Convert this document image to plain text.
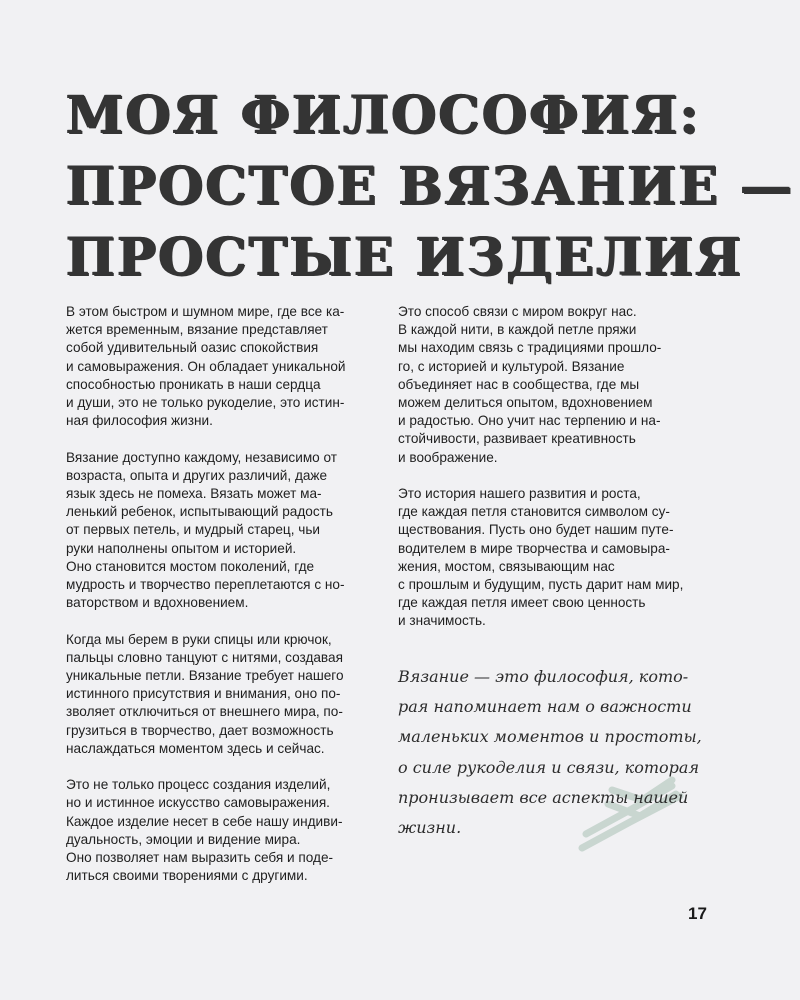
МОЯ ФИЛОСОФИЯ:
ПРОСТОЕ ВЯЗАНИЕ —
ПРОСТЫЕ ИЗДЕЛИЯ

В этом быстром и шумном мире, где все ка-
жется временным, вязание представляет
собой удивительный оазис спокойствия
и самовыражения. Он обладает уникальной
способностью проникать в наши сердца
и души, это не только рукоделие, это истин-
ная философия жизни.

Вязание доступно каждому, независимо от
возраста, опыта и других различий, даже
язык здесь не помеха. Вязать может ма-
ленький ребенок, испытывающий радость
от первых петель, и мудрый старец, чьи
руки наполнены опытом и историей.
Оно становится мостом поколений, где
мудрость и творчество переплетаются с но-
ваторством и вдохновением.

Когда мы берем в руки спицы или крючок,
пальцы словно танцуют с нитями, создавая
уникальные петли. Вязание требует нашего
истинного присутствия и внимания, оно по-
зволяет отключиться от внешнего мира, по-
грузиться в творчество, дает возможность
наслаждаться моментом здесь и сейчас.

Это не только процесс создания изделий,
но и истинное искусство самовыражения.
Каждое изделие несет в себе нашу индиви-
дуальность, эмоции и видение мира.
Оно позволяет нам выразить себя и поде-
литься своими творениями с другими.

Это способ связи с миром вокруг нас.
В каждой нити, в каждой петле пряжи
мы находим связь с традициями прошло-
го, с историей и культурой. Вязание
объединяет нас в сообщества, где мы
можем делиться опытом, вдохновением
и радостью. Оно учит нас терпению и на-
стойчивости, развивает креативность
и воображение.

Это история нашего развития и роста,
где каждая петля становится символом су-
ществования. Пусть оно будет нашим путе-
водителем в мире творчества и самовыра-
жения, мостом, связывающим нас
с прошлым и будущим, пусть дарит нам мир,
где каждая петля имеет свою ценность
и значимость.

Вязание — это философия, кото-
рая напоминает нам о важности
маленьких моментов и простоты,
о силе рукоделия и связи, которая
пронизывает все аспекты нашей
жизни.
17
